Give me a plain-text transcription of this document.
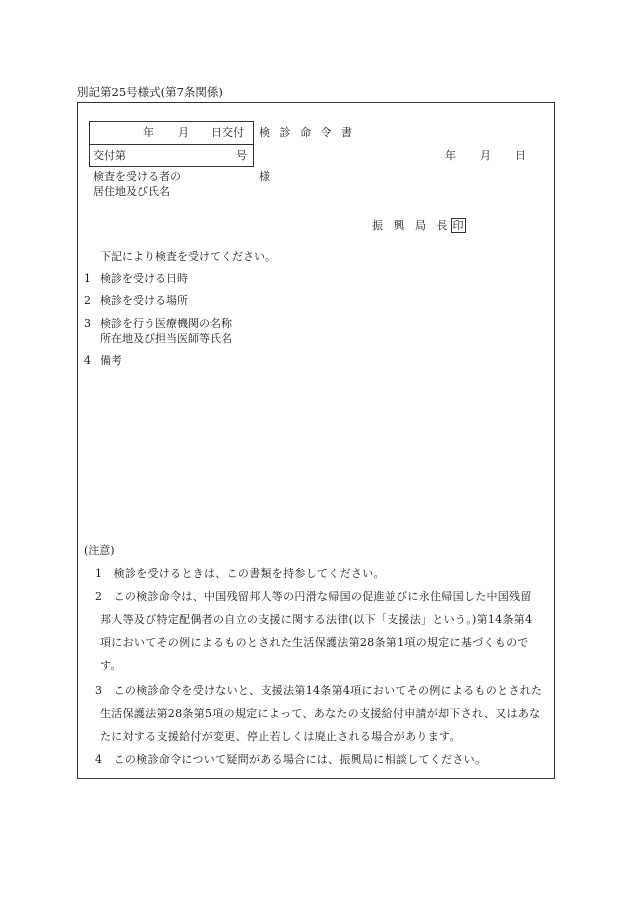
別記第25号様式(第7条関係)
年 月 日交付
交付第	号
検 診 命 令 書
年 月 日
検査を受ける者の
居住地及び氏名
様
振 興 局 長 印
下記により検査を受けてください。
1 検診を受ける日時
2 検診を受ける場所
3 検診を行う医療機関の名称
所在地及び担当医師等氏名
4 備考
(注意)
1　検診を受けるときは、この書類を持参してください。
2　この検診命令は、中国残留邦人等の円滑な帰国の促進並びに永住帰国した中国残留
邦人等及び特定配偶者の自立の支援に関する法律(以下「支援法」という。)第14条第4
項においてその例によるものとされた生活保護法第28条第1項の規定に基づくもので
す。
3　この検診命令を受けないと、支援法第14条第4項においてその例によるものとされた
生活保護法第28条第5項の規定によって、あなたの支援給付申請が却下され、又はあな
たに対する支援給付が変更、停止若しくは廃止される場合があります。
4　この検診命令について疑問がある場合には、振興局に相談してください。
